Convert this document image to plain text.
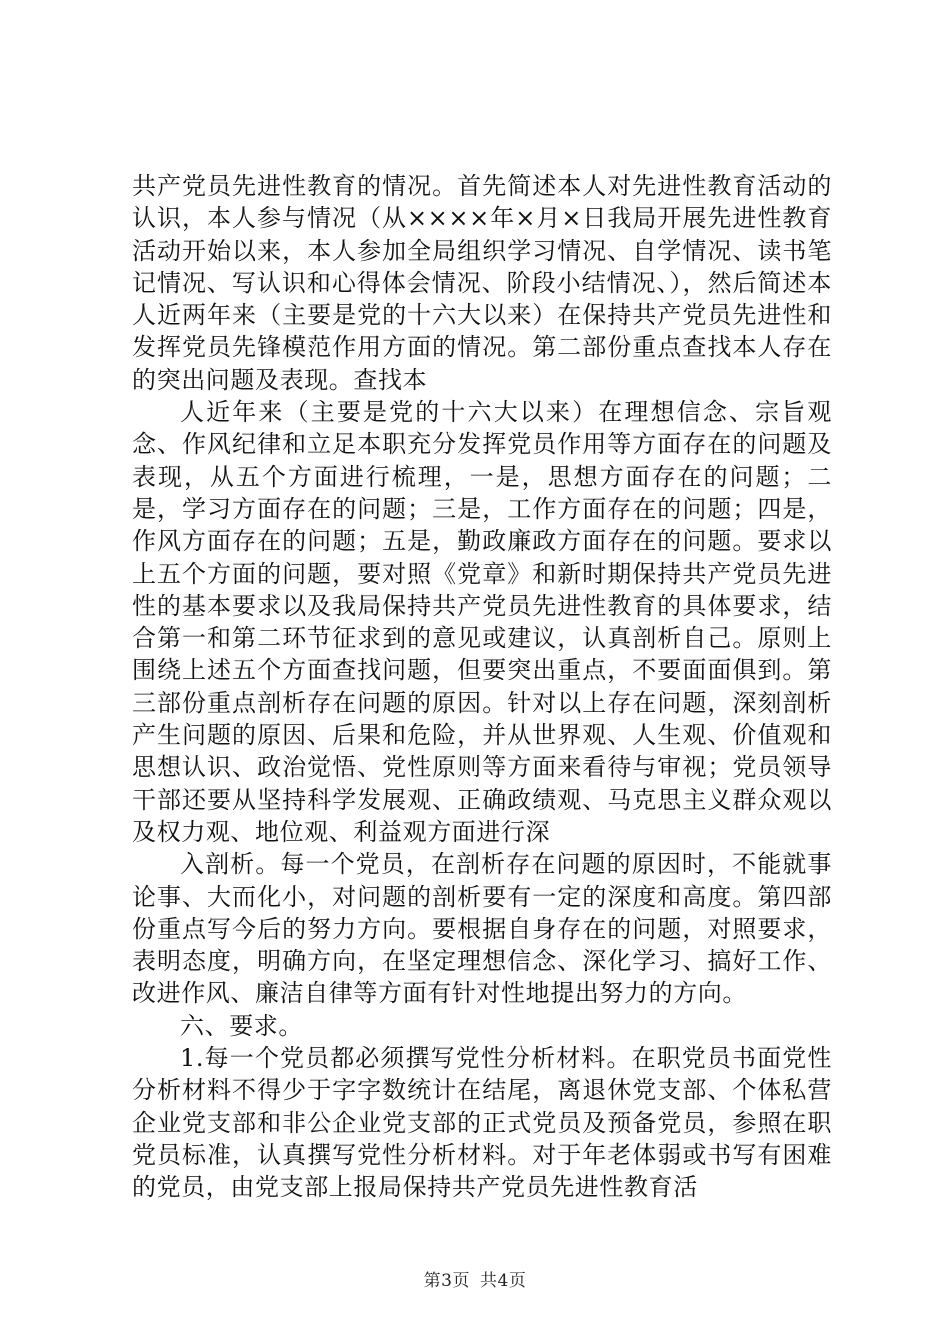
共产党员先进性教育的情况。首先简述本人对先进性教育活动的认识，本人参与情况（从××××年×月×日我局开展先进性教育活动开始以来，本人参加全局组织学习情况、自学情况、读书笔记情况、写认识和心得体会情况、阶段小结情况、），然后简述本人近两年来（主要是党的十六大以来）在保持共产党员先进性和发挥党员先锋模范作用方面的情况。第二部份重点查找本人存在的突出问题及表现。查找本

人近年来（主要是党的十六大以来）在理想信念、宗旨观念、作风纪律和立足本职充分发挥党员作用等方面存在的问题及表现，从五个方面进行梳理，一是，思想方面存在的问题；二是，学习方面存在的问题；三是，工作方面存在的问题；四是，作风方面存在的问题；五是，勤政廉政方面存在的问题。要求以上五个方面的问题，要对照《党章》和新时期保持共产党员先进性的基本要求以及我局保持共产党员先进性教育的具体要求，结合第一和第二环节征求到的意见或建议，认真剖析自己。原则上围绕上述五个方面查找问题，但要突出重点，不要面面俱到。第三部份重点剖析存在问题的原因。针对以上存在问题，深刻剖析产生问题的原因、后果和危险，并从世界观、人生观、价值观和思想认识、政治觉悟、党性原则等方面来看待与审视；党员领导干部还要从坚持科学发展观、正确政绩观、马克思主义群众观以及权力观、地位观、利益观方面进行深

入剖析。每一个党员，在剖析存在问题的原因时，不能就事论事、大而化小，对问题的剖析要有一定的深度和高度。第四部份重点写今后的努力方向。要根据自身存在的问题，对照要求，表明态度，明确方向，在坚定理想信念、深化学习、搞好工作、改进作风、廉洁自律等方面有针对性地提出努力的方向。

六、要求。

1.每一个党员都必须撰写党性分析材料。在职党员书面党性分析材料不得少于字字数统计在结尾，离退休党支部、个体私营企业党支部和非公企业党支部的正式党员及预备党员，参照在职党员标准，认真撰写党性分析材料。对于年老体弱或书写有困难的党员，由党支部上报局保持共产党员先进性教育活

第3页 共4页
